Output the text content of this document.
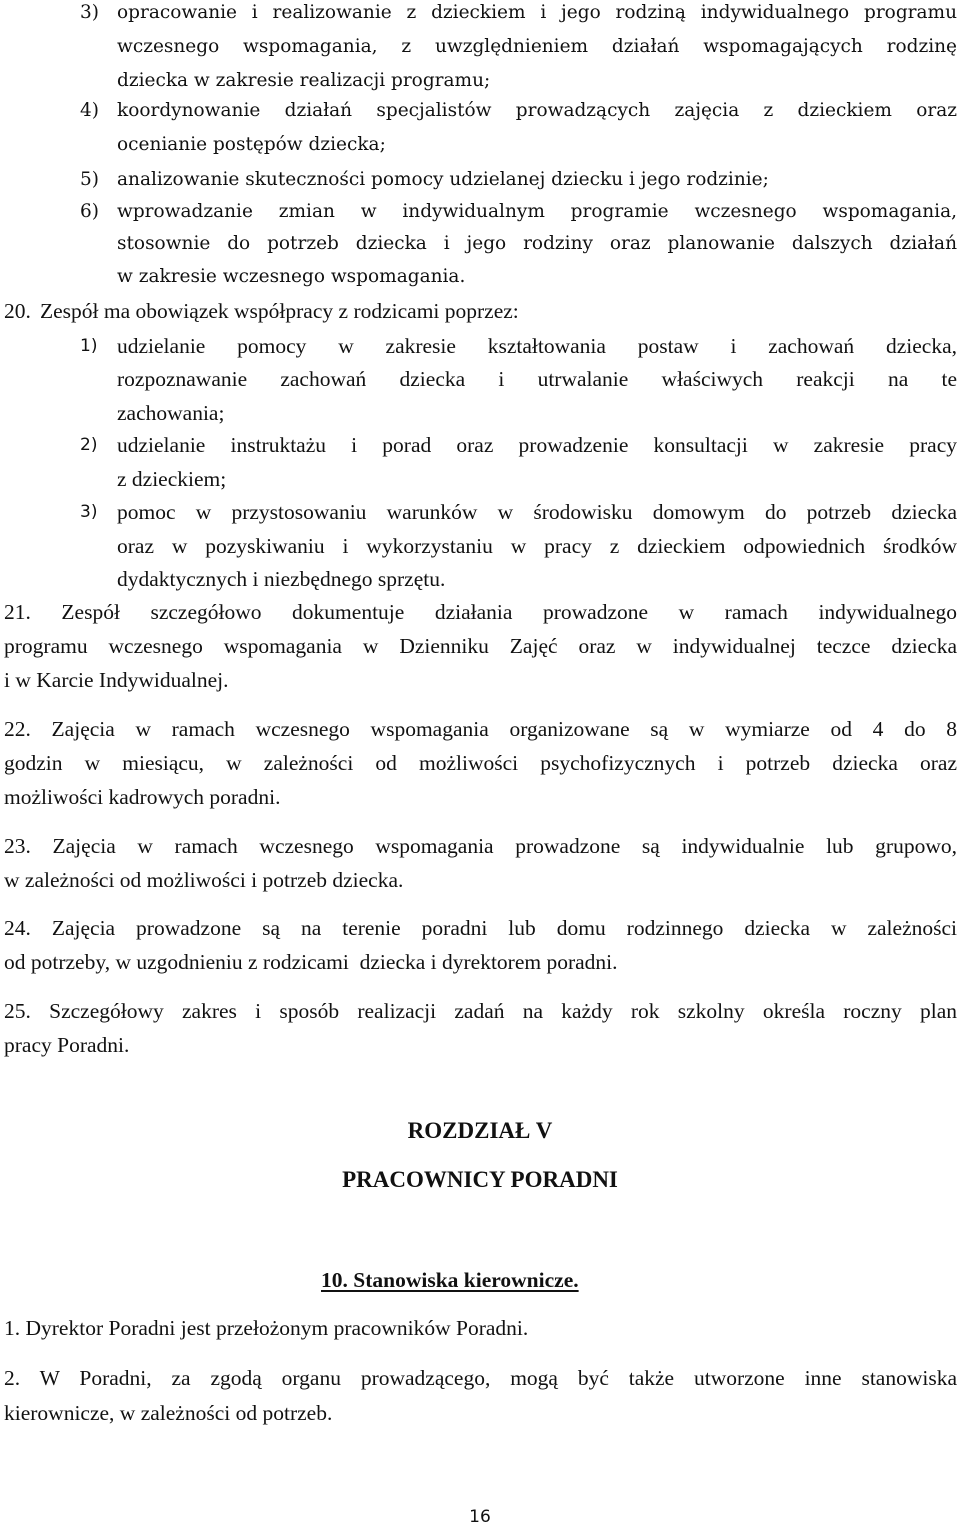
3) opracowanie i realizowanie z dzieckiem i jego rodziną indywidualnego programu
wczesnego wspomagania, z uwzględnieniem działań wspomagających rodzinę
dziecka w zakresie realizacji programu;
4) koordynowanie działań specjalistów prowadzących zajęcia z dzieckiem oraz
ocenianie postępów dziecka;
5) analizowanie skuteczności pomocy udzielanej dziecku i jego rodzinie;
6) wprowadzanie zmian w indywidualnym programie wczesnego wspomagania,
stosownie do potrzeb dziecka i jego rodziny oraz planowanie dalszych działań
w zakresie wczesnego wspomagania.
20. Zespół ma obowiązek współpracy z rodzicami poprzez:
1) udzielanie pomocy w zakresie kształtowania postaw i zachowań dziecka,
rozpoznawanie zachowań dziecka i utrwalanie właściwych reakcji na te
zachowania;
2) udzielanie instruktażu i porad oraz prowadzenie konsultacji w zakresie pracy
z dzieckiem;
3) pomoc w przystosowaniu warunków w środowisku domowym do potrzeb dziecka
oraz w pozyskiwaniu i wykorzystaniu w pracy z dzieckiem odpowiednich środków
dydaktycznych i niezbędnego sprzętu.
21. Zespół szczegółowo dokumentuje działania prowadzone w ramach indywidualnego
programu wczesnego wspomagania w Dzienniku Zajęć oraz w indywidualnej teczce dziecka
i w Karcie Indywidualnej.
22. Zajęcia w ramach wczesnego wspomagania organizowane są w wymiarze od 4 do 8
godzin w miesiącu, w zależności od możliwości psychofizycznych i potrzeb dziecka oraz
możliwości kadrowych poradni.
23. Zajęcia w ramach wczesnego wspomagania prowadzone są indywidualnie lub grupowo,
w zależności od możliwości i potrzeb dziecka.
24. Zajęcia prowadzone są na terenie poradni lub domu rodzinnego dziecka w zależności
od potrzeby, w uzgodnieniu z rodzicami  dziecka i dyrektorem poradni.
25. Szczegółowy zakres i sposób realizacji zadań na każdy rok szkolny określa roczny plan
pracy Poradni.
ROZDZIAŁ V
PRACOWNICY PORADNI
10. Stanowiska kierownicze.
1. Dyrektor Poradni jest przełożonym pracowników Poradni.
2. W Poradni, za zgodą organu prowadzącego, mogą być także utworzone inne stanowiska
kierownicze, w zależności od potrzeb.
16
